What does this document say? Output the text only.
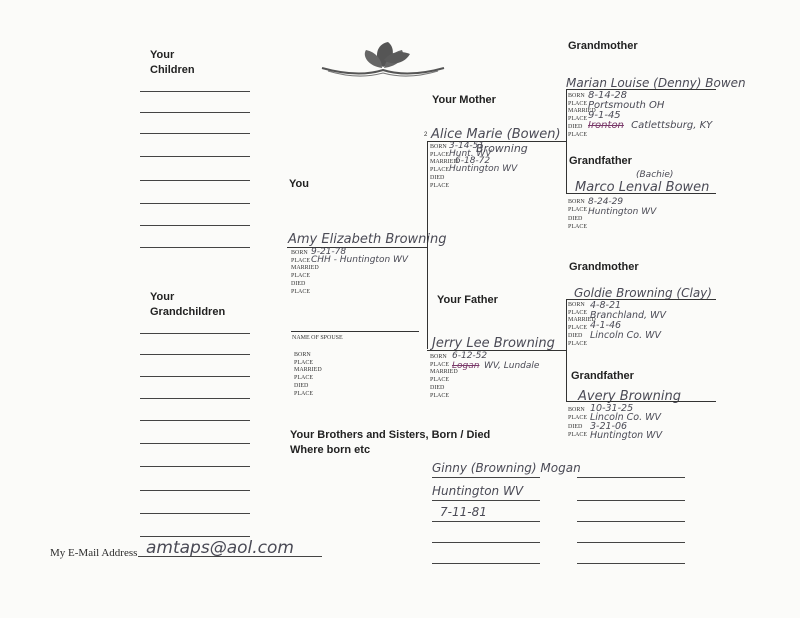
Your
Children
Your
Grandchildren
My E-Mail Address amtaps@aol.com
You
Amy Elizabeth Browning
BORN
PLACE
MARRIED
PLACE
DIED
PLACE
9-21-78
CHH - Huntington WV
NAME OF SPOUSE
BORN
PLACE
MARRIED
PLACE
DIED
PLACE
Your Brothers and Sisters, Born / Died
Where born etc
Ginny (Browning) Mogan
Huntington WV
7-11-81
Your Mother
2 Alice Marie (Bowen)
Browning
BORN
PLACE
MARRIED
PLACE
DIED
PLACE
3-14-51
Hunt. WV
6-18-72
Huntington WV
Your Father
Jerry Lee Browning
BORN
PLACE
MARRIED
PLACE
DIED
PLACE
6-12-52
Logan WV, Lundale
Grandmother
Marian Louise (Denny) Bowen
BORN
PLACE
MARRIED
PLACE
DIED
PLACE
8-14-28
Portsmouth OH
9-1-45
Ironton Catlettsburg, KY
Grandfather
(Bachie)
Marco Lenval Bowen
BORN
PLACE
DIED
PLACE
8-24-29
Huntington WV
Grandmother
Goldie Browning (Clay)
BORN
PLACE
MARRIED
PLACE
DIED
PLACE
4-8-21
Branchland, WV
4-1-46
Lincoln Co. WV
Grandfather
Avery Browning
BORN
PLACE
DIED
PLACE
10-31-25
Lincoln Co. WV
3-21-06
Huntington WV
